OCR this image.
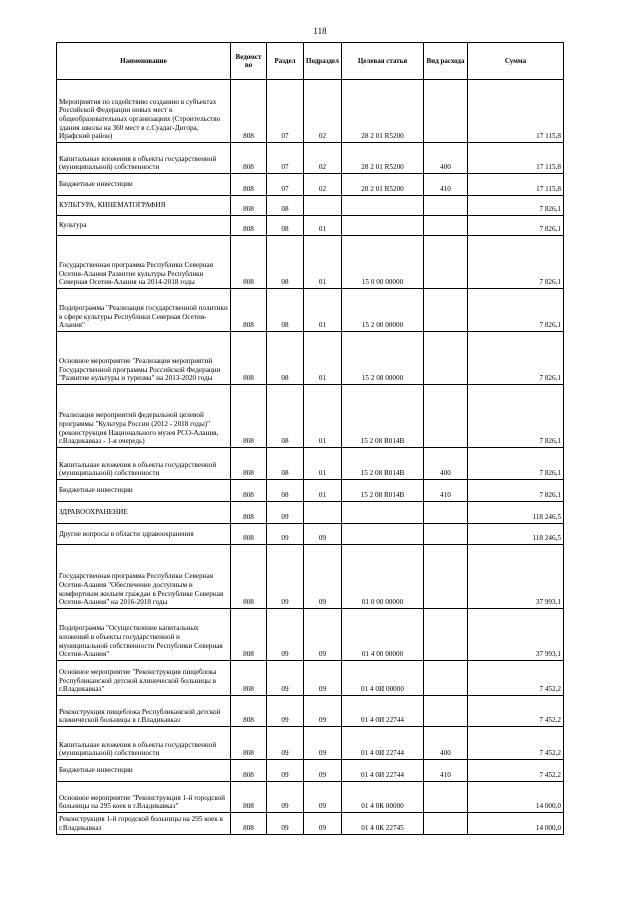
118
Наименование	Ведомст во	Раздел	Подраздел	Целевая статья	Вид расхода	Сумма
Мероприятия по содействию созданию в субъектах Российской Федерации новых мест в общеобразовательных организациях (Строительство здания школы на 360 мест в с.Суадаг-Дигора, Ирафский район)	808	07	02	28 2 01 R5200		17 115,8
Капитальные вложения в объекты государственной (муниципальной) собственности	808	07	02	28 2 01 R5200	400	17 115,8
Бюджетные инвестиции	808	07	02	28 2 01 R5200	410	17 115,8
КУЛЬТУРА, КИНЕМАТОГРАФИЯ	808	08				7 826,1
Культура	808	08	01			7 826,1
Государственная программа Республики Северная Осетия-Алания Развитие культуры Республики Северная Осетия-Алания на 2014-2018 годы	808	08	01	15 0 00 00000		7 826,1
Подпрограмма "Реализация государственной политики в сфере культуры Республики Северная Осетия-Алания"	808	08	01	15 2 00 00000		7 826,1
Основное мероприятие "Реализация мероприятий Государственной программы Российской Федерации "Развитие культуры и туризма" на 2013-2020 годы	808	08	01	15 2 08 00000		7 826,1
Реализация мероприятий федеральной целевой программы "Культура России (2012 - 2018 годы)" (реконструкция Национального музея РСО-Алания, г.Владикавказ - 1-я очередь)	808	08	01	15 2 08 R014B		7 826,1
Капитальные вложения в объекты государственной (муниципальной) собственности	808	08	01	15 2 08 R014B	400	7 826,1
Бюджетные инвестиции	808	08	01	15 2 08 R014B	410	7 826,1
ЗДРАВООХРАНЕНИЕ	808	09				118 246,5
Другие вопросы в области здравоохранения	808	09	09			118 246,5
Государственная программа Республики Северная Осетия-Алания "Обеспечение доступным и комфортным жильем граждан в Республике Северная Осетия-Алания" на 2016-2018 годы	808	09	09	01 0 00 00000		37 993,1
Подпрограмма "Осуществление капитальных вложений в объекты государственной и муниципальной собственности Республики Северная Осетия-Алания"	808	09	09	01 4 00 00000		37 993,1
Основное мероприятие "Реконструкция пищеблока Республиканской детской клинической больницы в г.Владикавказ"	808	09	09	01 4 0И 00000		7 452,2
Реконструкция пищеблока Республиканской детской клинической больницы в г.Владикавказ	808	09	09	01 4 0И 22744		7 452,2
Капитальные вложения в объекты государственной (муниципальной) собственности	808	09	09	01 4 0И 22744	400	7 452,2
Бюджетные инвестиции	808	09	09	01 4 0И 22744	410	7 452,2
Основное мероприятие "Реконструкция 1-й городской больницы на 295 коек в г.Владикавказ"	808	09	09	01 4 0К 00000		14 000,0
Реконструкция 1-й городской больницы на 295 коек в г.Владикавказ	808	09	09	01 4 0К 22745		14 000,0
